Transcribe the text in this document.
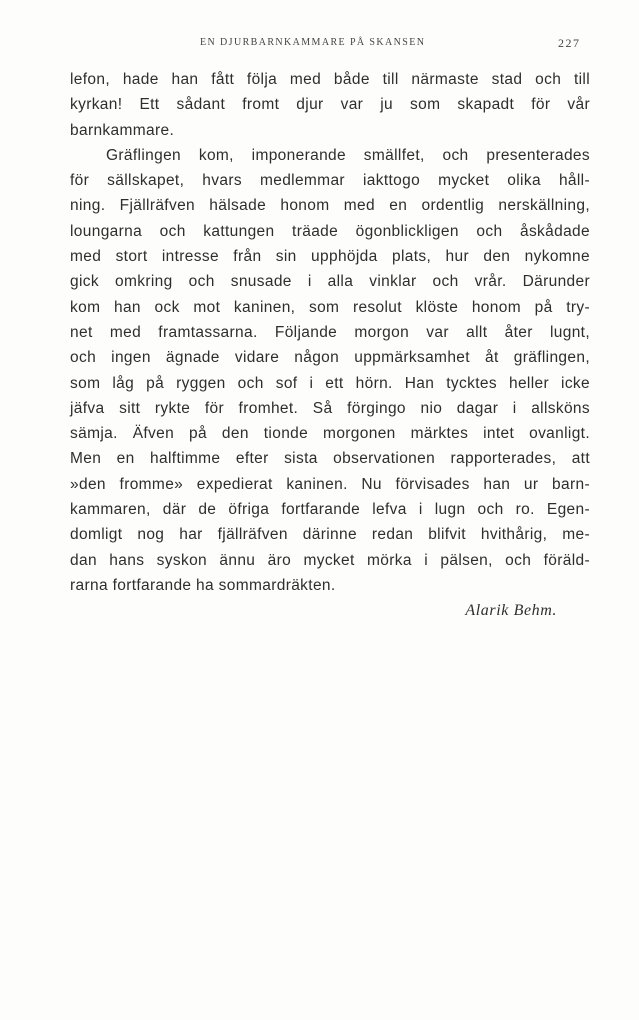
EN DJURBARNKAMMARE PÅ SKANSEN	227
lefon, hade han fått följa med både till närmaste stad och till
kyrkan! Ett sådant fromt djur var ju som skapadt för vår
barnkammare.
Gräflingen kom, imponerande smällfet, och presenterades
för sällskapet, hvars medlemmar iakttogo mycket olika håll-
ning. Fjällräfven hälsade honom med en ordentlig nerskällning,
loungarna och kattungen träade ögonblickligen och åskådade
med stort intresse från sin upphöjda plats, hur den nykomne
gick omkring och snusade i alla vinklar och vrår. Därunder
kom han ock mot kaninen, som resolut klöste honom på try-
net med framtassarna. Följande morgon var allt åter lugnt,
och ingen ägnade vidare någon uppmärksamhet åt gräflingen,
som låg på ryggen och sof i ett hörn. Han tycktes heller icke
jäfva sitt rykte för fromhet. Så förgingo nio dagar i allsköns
sämja. Äfven på den tionde morgonen märktes intet ovanligt.
Men en halftimme efter sista observationen rapporterades, att
»den fromme» expedierat kaninen. Nu förvisades han ur barn-
kammaren, där de öfriga fortfarande lefva i lugn och ro. Egen-
domligt nog har fjällräfven därinne redan blifvit hvithårig, me-
dan hans syskon ännu äro mycket mörka i pälsen, och föräld-
rarna fortfarande ha sommardräkten.
Alarik Behm.
